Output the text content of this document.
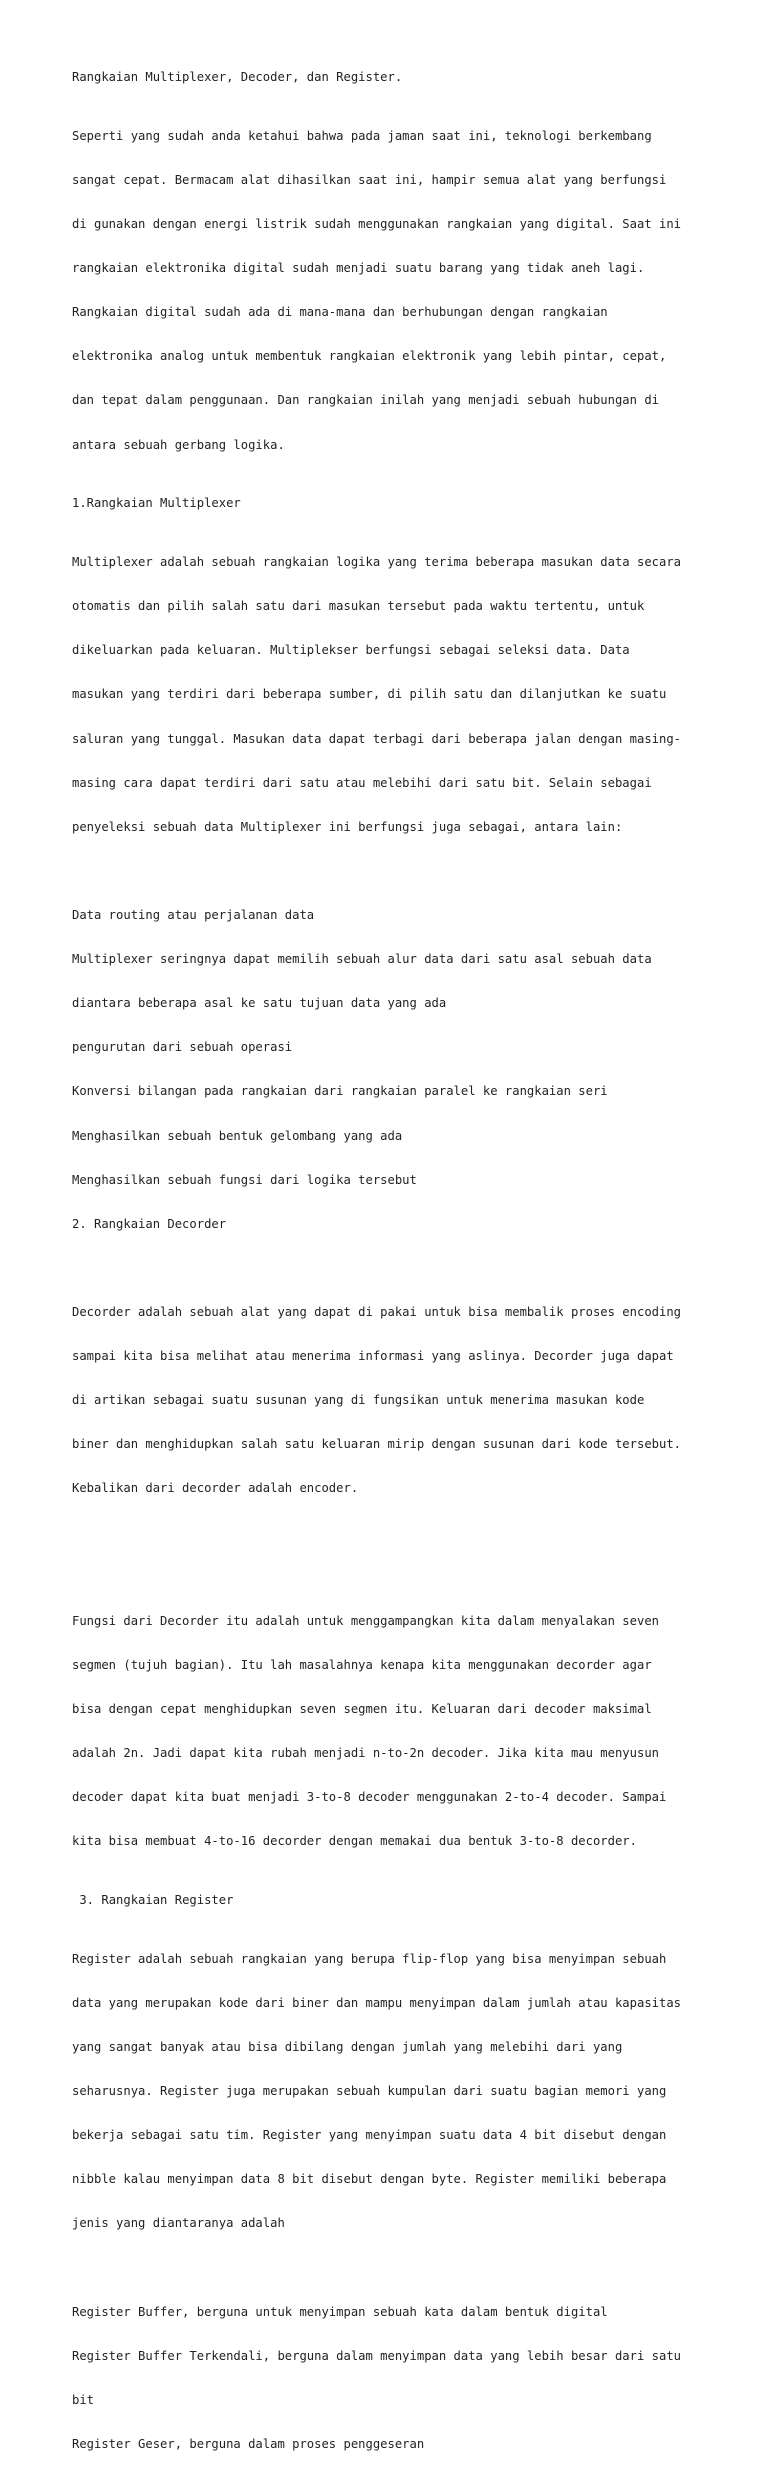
Rangkaian Multiplexer, Decoder, dan Register.

Seperti yang sudah anda ketahui bahwa pada jaman saat ini, teknologi berkembang

sangat cepat. Bermacam alat dihasilkan saat ini, hampir semua alat yang berfungsi

di gunakan dengan energi listrik sudah menggunakan rangkaian yang digital. Saat ini

rangkaian elektronika digital sudah menjadi suatu barang yang tidak aneh lagi.

Rangkaian digital sudah ada di mana-mana dan berhubungan dengan rangkaian

elektronika analog untuk membentuk rangkaian elektronik yang lebih pintar, cepat,

dan tepat dalam penggunaan. Dan rangkaian inilah yang menjadi sebuah hubungan di

antara sebuah gerbang logika.

1.Rangkaian Multiplexer

Multiplexer adalah sebuah rangkaian logika yang terima beberapa masukan data secara

otomatis dan pilih salah satu dari masukan tersebut pada waktu tertentu, untuk

dikeluarkan pada keluaran. Multiplekser berfungsi sebagai seleksi data. Data

masukan yang terdiri dari beberapa sumber, di pilih satu dan dilanjutkan ke suatu

saluran yang tunggal. Masukan data dapat terbagi dari beberapa jalan dengan masing-

masing cara dapat terdiri dari satu atau melebihi dari satu bit. Selain sebagai

penyeleksi sebuah data Multiplexer ini berfungsi juga sebagai, antara lain:

Data routing atau perjalanan data

Multiplexer seringnya dapat memilih sebuah alur data dari satu asal sebuah data

diantara beberapa asal ke satu tujuan data yang ada

pengurutan dari sebuah operasi

Konversi bilangan pada rangkaian dari rangkaian paralel ke rangkaian seri

Menghasilkan sebuah bentuk gelombang yang ada

Menghasilkan sebuah fungsi dari logika tersebut

2. Rangkaian Decorder

Decorder adalah sebuah alat yang dapat di pakai untuk bisa membalik proses encoding

sampai kita bisa melihat atau menerima informasi yang aslinya. Decorder juga dapat

di artikan sebagai suatu susunan yang di fungsikan untuk menerima masukan kode

biner dan menghidupkan salah satu keluaran mirip dengan susunan dari kode tersebut.

Kebalikan dari decorder adalah encoder.

Fungsi dari Decorder itu adalah untuk menggampangkan kita dalam menyalakan seven

segmen (tujuh bagian). Itu lah masalahnya kenapa kita menggunakan decorder agar

bisa dengan cepat menghidupkan seven segmen itu. Keluaran dari decoder maksimal

adalah 2n. Jadi dapat kita rubah menjadi n-to-2n decoder. Jika kita mau menyusun

decoder dapat kita buat menjadi 3-to-8 decoder menggunakan 2-to-4 decoder. Sampai

kita bisa membuat 4-to-16 decorder dengan memakai dua bentuk 3-to-8 decorder.

3. Rangkaian Register

Register adalah sebuah rangkaian yang berupa flip-flop yang bisa menyimpan sebuah

data yang merupakan kode dari biner dan mampu menyimpan dalam jumlah atau kapasitas

yang sangat banyak atau bisa dibilang dengan jumlah yang melebihi dari yang

seharusnya. Register juga merupakan sebuah kumpulan dari suatu bagian memori yang

bekerja sebagai satu tim. Register yang menyimpan suatu data 4 bit disebut dengan

nibble kalau menyimpan data 8 bit disebut dengan byte. Register memiliki beberapa

jenis yang diantaranya adalah

Register Buffer, berguna untuk menyimpan sebuah kata dalam bentuk digital

Register Buffer Terkendali, berguna dalam menyimpan data yang lebih besar dari satu

bit

Register Geser, berguna dalam proses penggeseran
